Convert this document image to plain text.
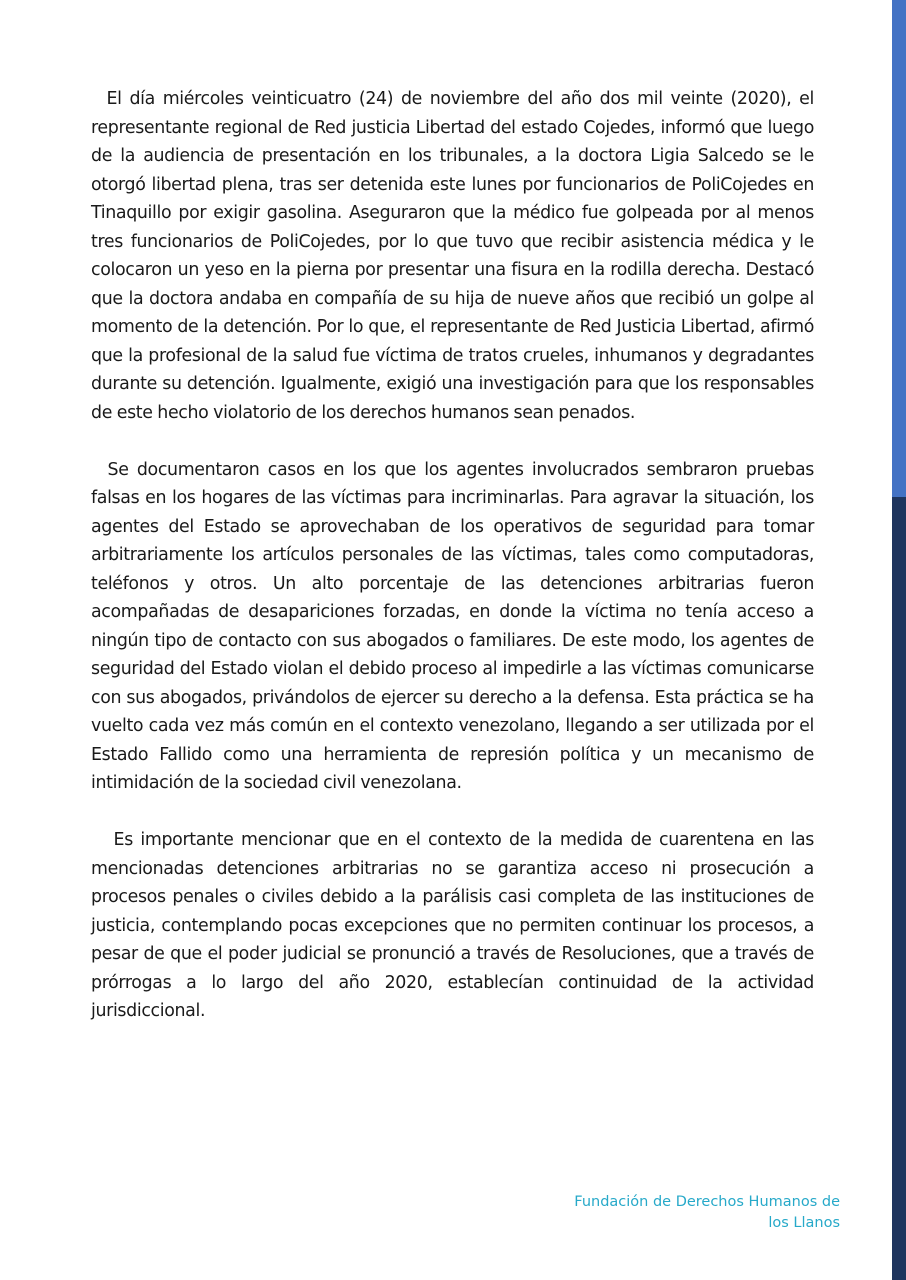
El día miércoles veinticuatro (24) de noviembre del año dos mil veinte (2020), el representante regional de Red justicia Libertad del estado Cojedes, informó que luego de la audiencia de presentación en los tribunales, a la doctora Ligia Salcedo se le otorgó libertad plena, tras ser detenida este lunes por funcionarios de PoliCojedes en Tinaquillo por exigir gasolina. Aseguraron que la médico fue golpeada por al menos tres funcionarios de PoliCojedes, por lo que tuvo que recibir asistencia médica y le colocaron un yeso en la pierna por presentar una fisura en la rodilla derecha. Destacó que la doctora andaba en compañía de su hija de nueve años que recibió un golpe al momento de la detención. Por lo que, el representante de Red Justicia Libertad, afirmó que la profesional de la salud fue víctima de tratos crueles, inhumanos y degradantes durante su detención. Igualmente, exigió una investigación para que los responsables de este hecho violatorio de los derechos humanos sean penados.

Se documentaron casos en los que los agentes involucrados sembraron pruebas falsas en los hogares de las víctimas para incriminarlas. Para agravar la situación, los agentes del Estado se aprovechaban de los operativos de seguridad para tomar arbitrariamente los artículos personales de las víctimas, tales como computadoras, teléfonos y otros. Un alto porcentaje de las detenciones arbitrarias fueron acompañadas de desapariciones forzadas, en donde la víctima no tenía acceso a ningún tipo de contacto con sus abogados o familiares. De este modo, los agentes de seguridad del Estado violan el debido proceso al impedirle a las víctimas comunicarse con sus abogados, privándolos de ejercer su derecho a la defensa. Esta práctica se ha vuelto cada vez más común en el contexto venezolano, llegando a ser utilizada por el Estado Fallido como una herramienta de represión política y un mecanismo de intimidación de la sociedad civil venezolana.

Es importante mencionar que en el contexto de la medida de cuarentena en las mencionadas detenciones arbitrarias no se garantiza acceso ni prosecución a procesos penales o civiles debido a la parálisis casi completa de las instituciones de justicia, contemplando pocas excepciones que no permiten continuar los procesos, a pesar de que el poder judicial se pronunció a través de Resoluciones, que a través de prórrogas a lo largo del año 2020, establecían continuidad de la actividad jurisdiccional.

Fundación de Derechos Humanos de
los Llanos
